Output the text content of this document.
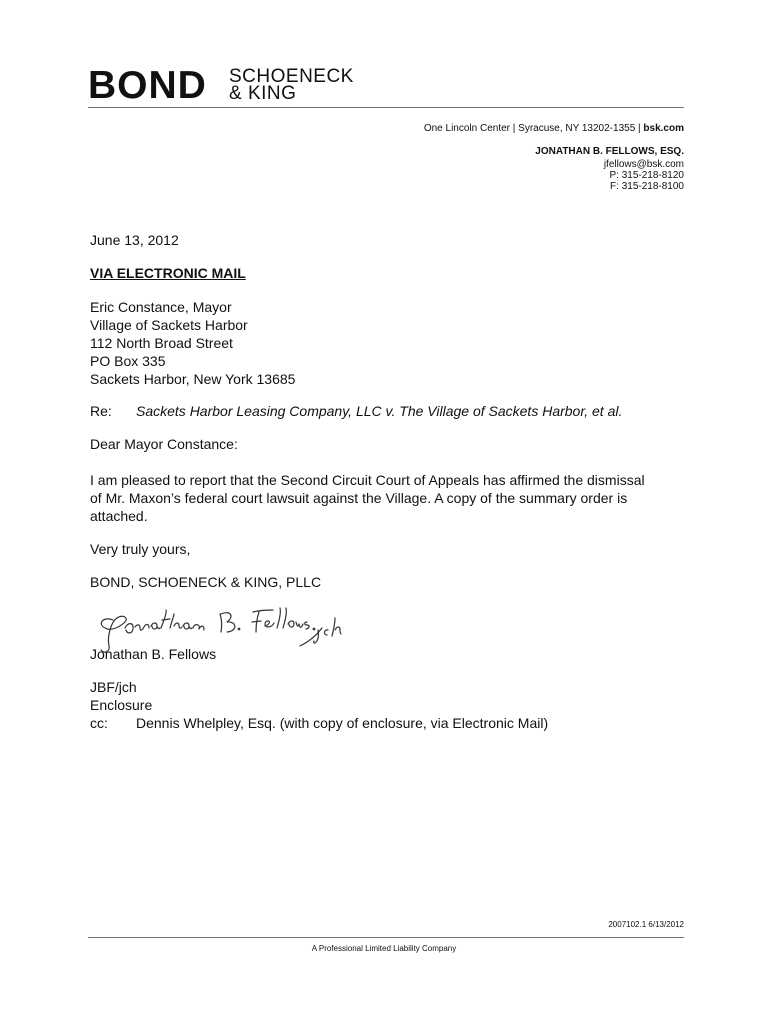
BOND SCHOENECK
& KING
One Lincoln Center | Syracuse, NY 13202-1355 | bsk.com
JONATHAN B. FELLOWS, ESQ.
jfellows@bsk.com
P: 315-218-8120
F: 315-218-8100
June 13, 2012
VIA ELECTRONIC MAIL
Eric Constance, Mayor
Village of Sackets Harbor
112 North Broad Street
PO Box 335
Sackets Harbor, New York 13685
Re: Sackets Harbor Leasing Company, LLC v. The Village of Sackets Harbor, et al.
Dear Mayor Constance:
I am pleased to report that the Second Circuit Court of Appeals has affirmed the dismissal of Mr. Maxon’s federal court lawsuit against the Village. A copy of the summary order is attached.
Very truly yours,
BOND, SCHOENECK & KING, PLLC
Jonathan B. Fellows
JBF/jch
Enclosure
cc: Dennis Whelpley, Esq. (with copy of enclosure, via Electronic Mail)
2007102.1 6/13/2012
A Professional Limited Liability Company
